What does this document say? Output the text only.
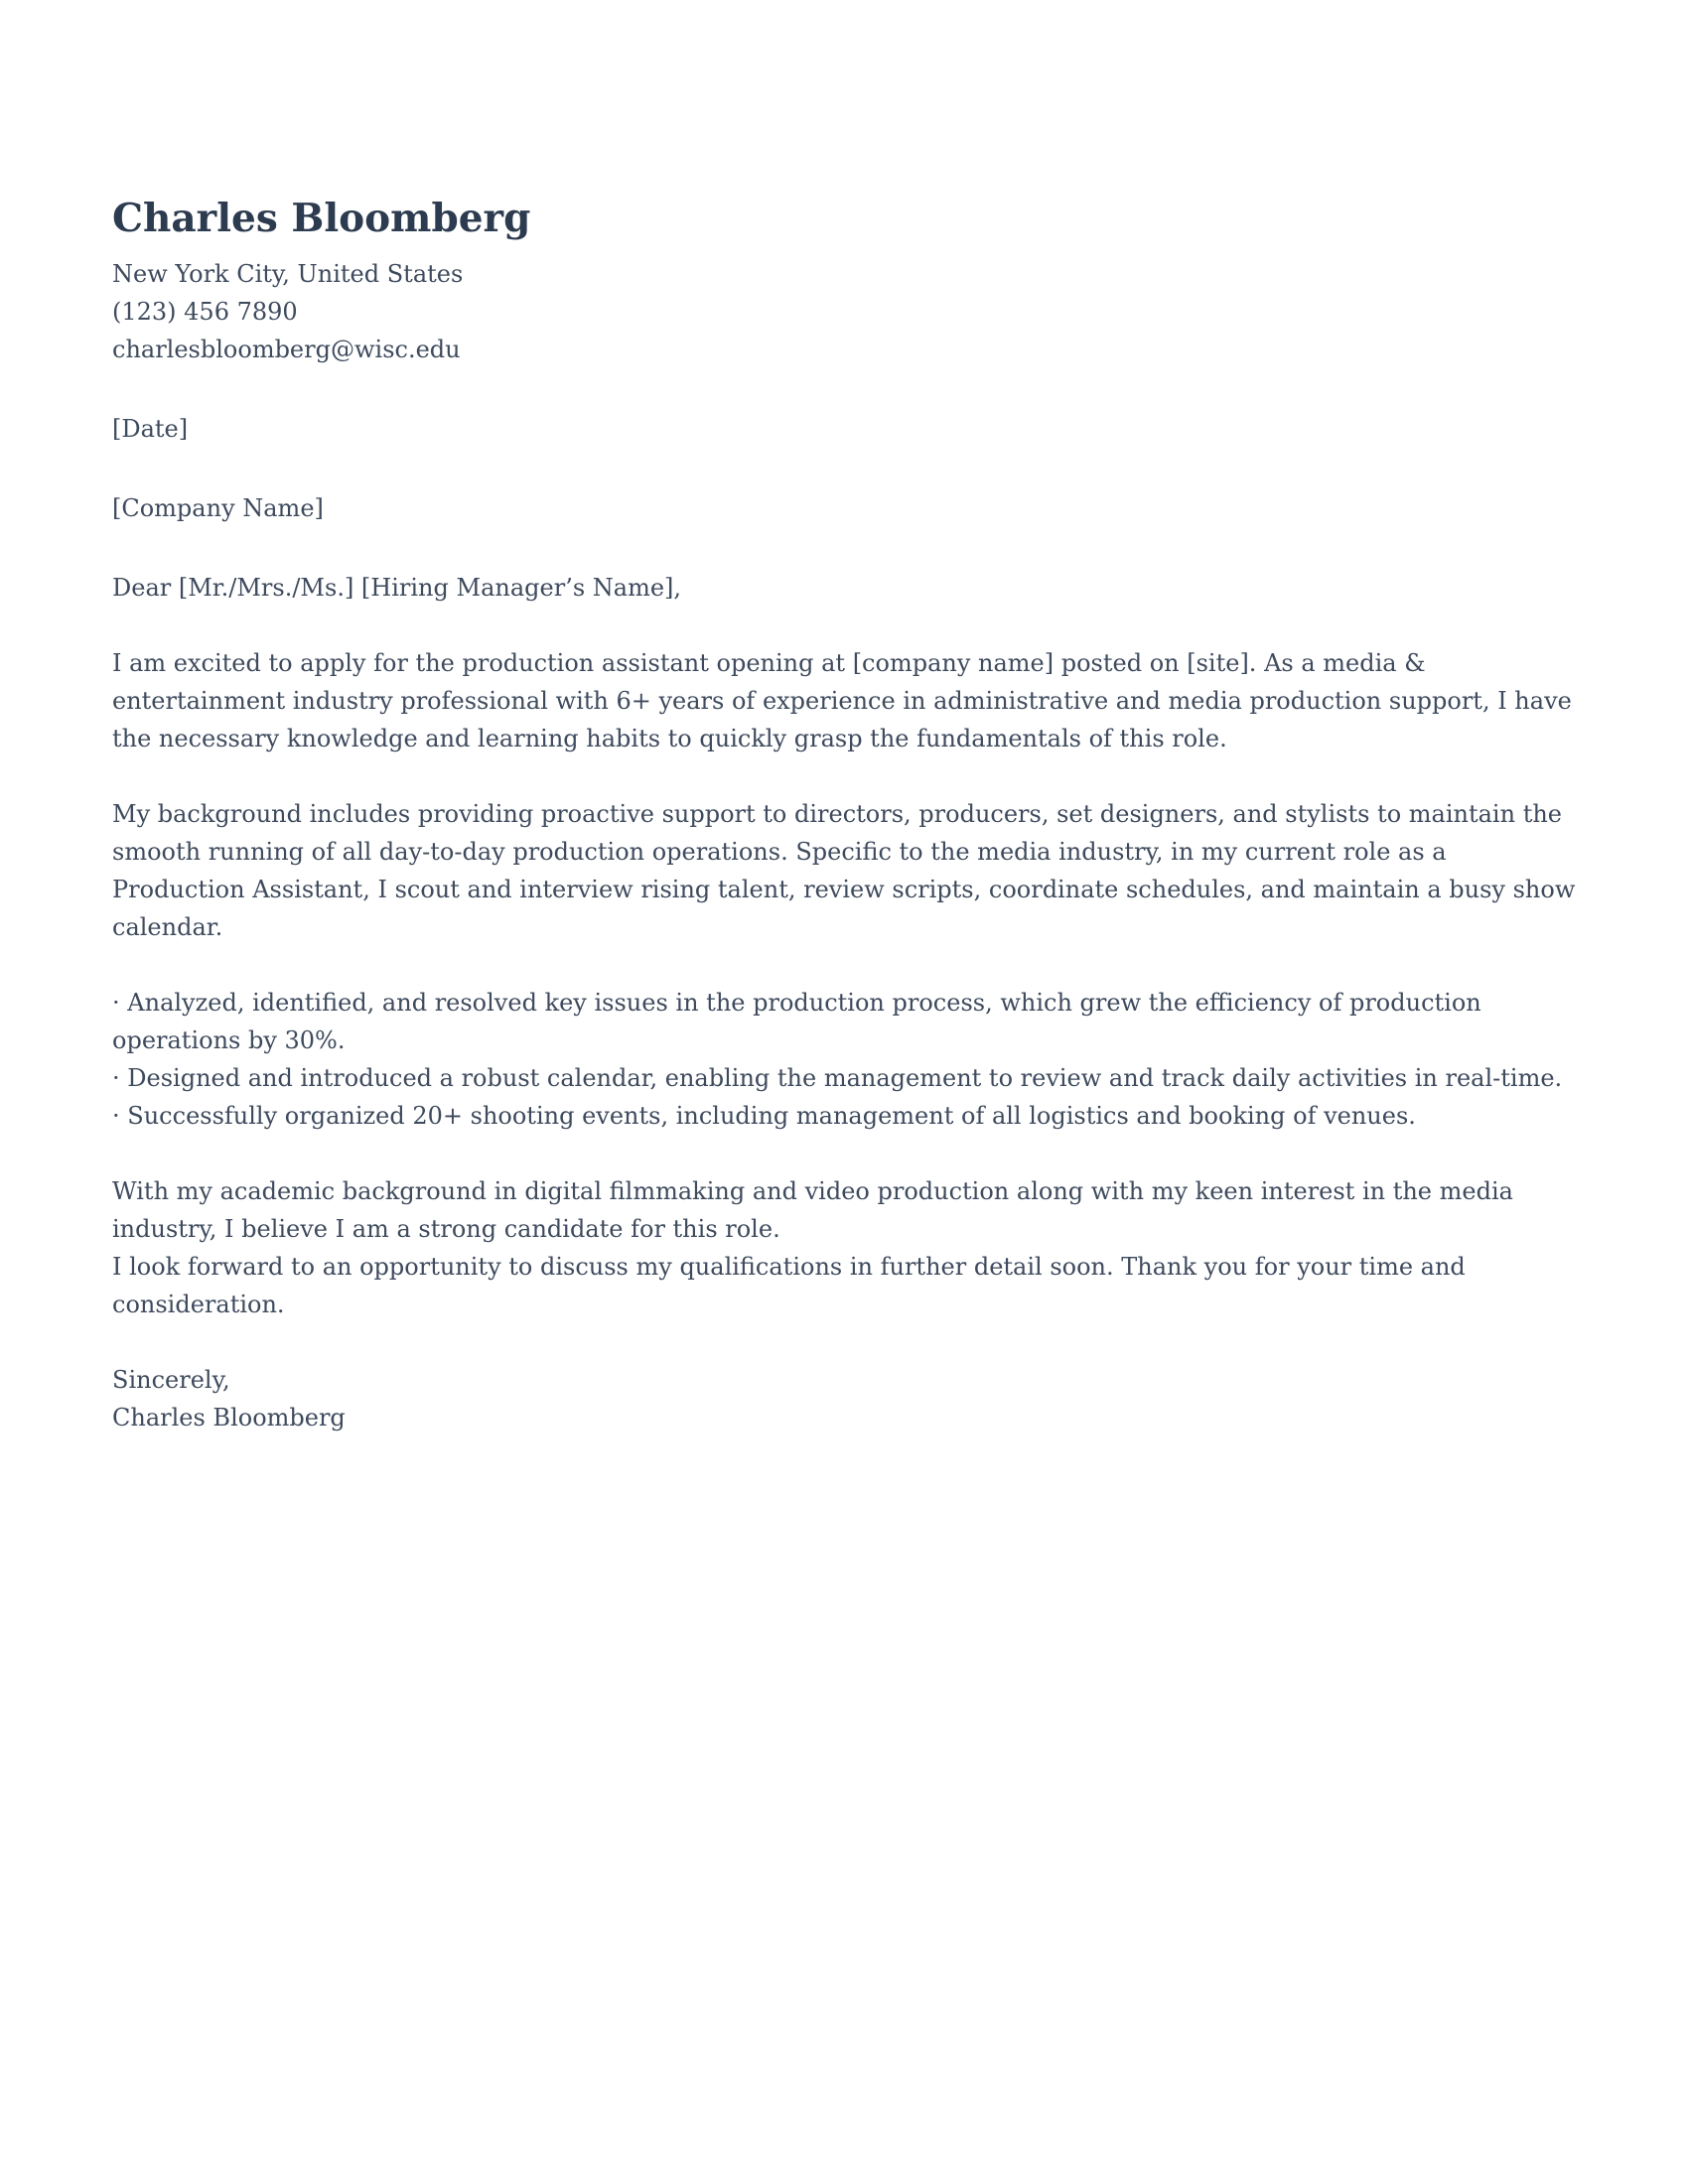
Charles Bloomberg
New York City, United States
(123) 456 7890
charlesbloomberg@wisc.edu
[Date]
[Company Name]
Dear [Mr./Mrs./Ms.] [Hiring Manager’s Name],

I am excited to apply for the production assistant opening at [company name] posted on [site]. As a media & entertainment industry professional with 6+ years of experience in administrative and media production support, I have the necessary knowledge and learning habits to quickly grasp the fundamentals of this role.

My background includes providing proactive support to directors, producers, set designers, and stylists to maintain the smooth running of all day-to-day production operations. Specific to the media industry, in my current role as a Production Assistant, I scout and interview rising talent, review scripts, coordinate schedules, and maintain a busy show calendar.

· Analyzed, identified, and resolved key issues in the production process, which grew the efficiency of production operations by 30%.
· Designed and introduced a robust calendar, enabling the management to review and track daily activities in real-time.
· Successfully organized 20+ shooting events, including management of all logistics and booking of venues.
With my academic background in digital filmmaking and video production along with my keen interest in the media industry, I believe I am a strong candidate for this role.
I look forward to an opportunity to discuss my qualifications in further detail soon. Thank you for your time and consideration.
Sincerely,
Charles Bloomberg
